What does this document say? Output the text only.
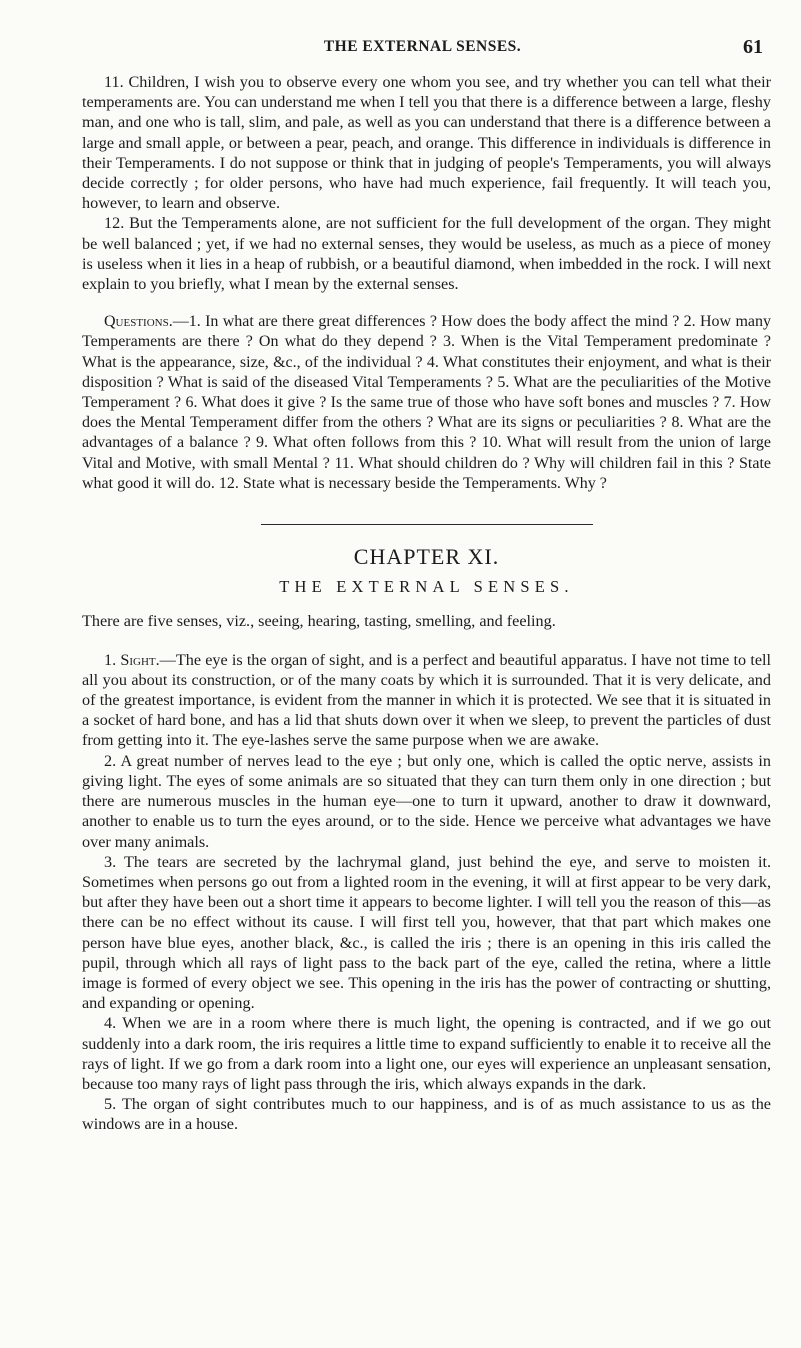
THE EXTERNAL SENSES.	61

11. Children, I wish you to observe every one whom you see, and try whether you can tell what their temperaments are. You can understand me when I tell you that there is a difference between a large, fleshy man, and one who is tall, slim, and pale, as well as you can understand that there is a difference between a large and small apple, or between a pear, peach, and orange. This difference in individuals is difference in their Temperaments. I do not suppose or think that in judging of people's Temperaments, you will always decide correctly ; for older persons, who have had much experience, fail frequently. It will teach you, however, to learn and observe.

12. But the Temperaments alone, are not sufficient for the full development of the organ. They might be well balanced ; yet, if we had no external senses, they would be useless, as much as a piece of money is useless when it lies in a heap of rubbish, or a beautiful diamond, when imbedded in the rock. I will next explain to you briefly, what I mean by the external senses.

Questions.—1. In what are there great differences ? How does the body affect the mind ? 2. How many Temperaments are there ? On what do they depend ? 3. When is the Vital Temperament predominate ? What is the appearance, size, &c., of the individual ? 4. What constitutes their enjoyment, and what is their disposition ? What is said of the diseased Vital Temperaments ? 5. What are the peculiarities of the Motive Temperament ? 6. What does it give ? Is the same true of those who have soft bones and muscles ? 7. How does the Mental Temperament differ from the others ? What are its signs or peculiarities ? 8. What are the advantages of a balance ? 9. What often follows from this ? 10. What will result from the union of large Vital and Motive, with small Mental ? 11. What should children do ? Why will children fail in this ? State what good it will do. 12. State what is necessary beside the Temperaments. Why ?

CHAPTER XI.
THE EXTERNAL SENSES.

There are five senses, viz., seeing, hearing, tasting, smelling, and feeling.

1. Sight.—The eye is the organ of sight, and is a perfect and beautiful apparatus. I have not time to tell all you about its construction, or of the many coats by which it is surrounded. That it is very delicate, and of the greatest importance, is evident from the manner in which it is protected. We see that it is situated in a socket of hard bone, and has a lid that shuts down over it when we sleep, to prevent the particles of dust from getting into it. The eye-lashes serve the same purpose when we are awake.

2. A great number of nerves lead to the eye ; but only one, which is called the optic nerve, assists in giving light. The eyes of some animals are so situated that they can turn them only in one direction ; but there are numerous muscles in the human eye—one to turn it upward, another to draw it downward, another to enable us to turn the eyes around, or to the side. Hence we perceive what advantages we have over many animals.

3. The tears are secreted by the lachrymal gland, just behind the eye, and serve to moisten it. Sometimes when persons go out from a lighted room in the evening, it will at first appear to be very dark, but after they have been out a short time it appears to become lighter. I will tell you the reason of this—as there can be no effect without its cause. I will first tell you, however, that that part which makes one person have blue eyes, another black, &c., is called the iris ; there is an opening in this iris called the pupil, through which all rays of light pass to the back part of the eye, called the retina, where a little image is formed of every object we see. This opening in the iris has the power of contracting or shutting, and expanding or opening.

4. When we are in a room where there is much light, the opening is contracted, and if we go out suddenly into a dark room, the iris requires a little time to expand sufficiently to enable it to receive all the rays of light. If we go from a dark room into a light one, our eyes will experience an unpleasant sensation, because too many rays of light pass through the iris, which always expands in the dark.

5. The organ of sight contributes much to our happiness, and is of as much assistance to us as the windows are in a house.
